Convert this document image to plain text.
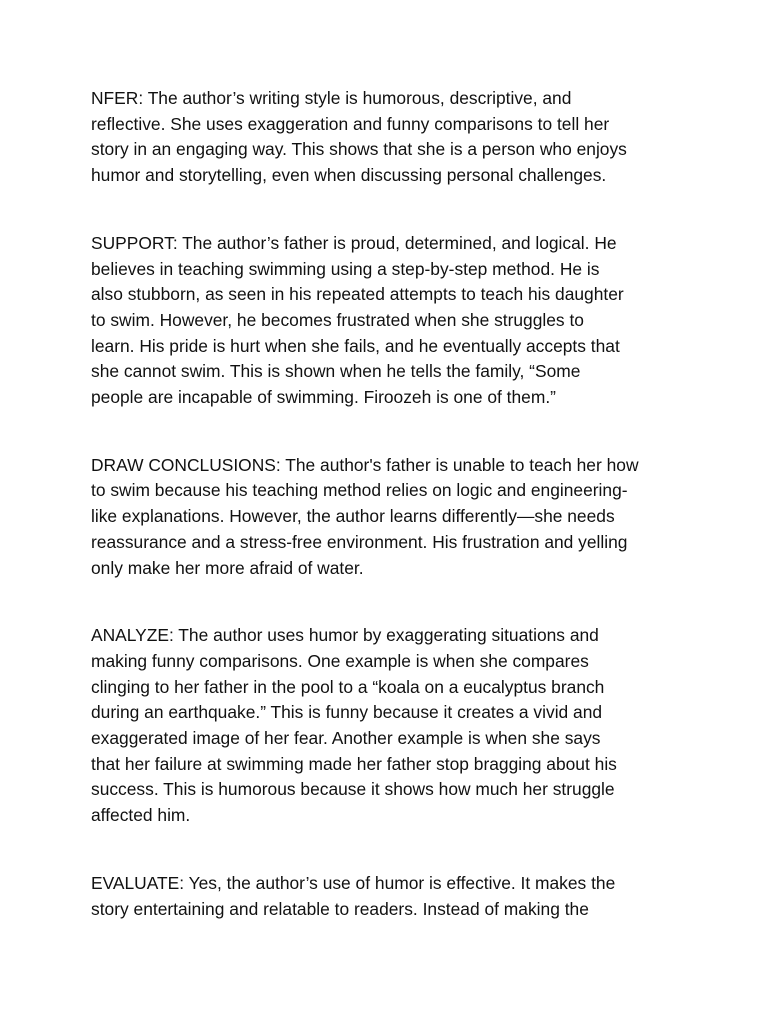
NFER: The author’s writing style is humorous, descriptive, and
reflective. She uses exaggeration and funny comparisons to tell her
story in an engaging way. This shows that she is a person who enjoys
humor and storytelling, even when discussing personal challenges.

SUPPORT: The author’s father is proud, determined, and logical. He
believes in teaching swimming using a step-by-step method. He is
also stubborn, as seen in his repeated attempts to teach his daughter
to swim. However, he becomes frustrated when she struggles to
learn. His pride is hurt when she fails, and he eventually accepts that
she cannot swim. This is shown when he tells the family, “Some
people are incapable of swimming. Firoozeh is one of them.”

DRAW CONCLUSIONS: The author's father is unable to teach her how
to swim because his teaching method relies on logic and engineering-
like explanations. However, the author learns differently—she needs
reassurance and a stress-free environment. His frustration and yelling
only make her more afraid of water.

ANALYZE: The author uses humor by exaggerating situations and
making funny comparisons. One example is when she compares
clinging to her father in the pool to a “koala on a eucalyptus branch
during an earthquake.” This is funny because it creates a vivid and
exaggerated image of her fear. Another example is when she says
that her failure at swimming made her father stop bragging about his
success. This is humorous because it shows how much her struggle
affected him.

EVALUATE: Yes, the author’s use of humor is effective. It makes the
story entertaining and relatable to readers. Instead of making the
